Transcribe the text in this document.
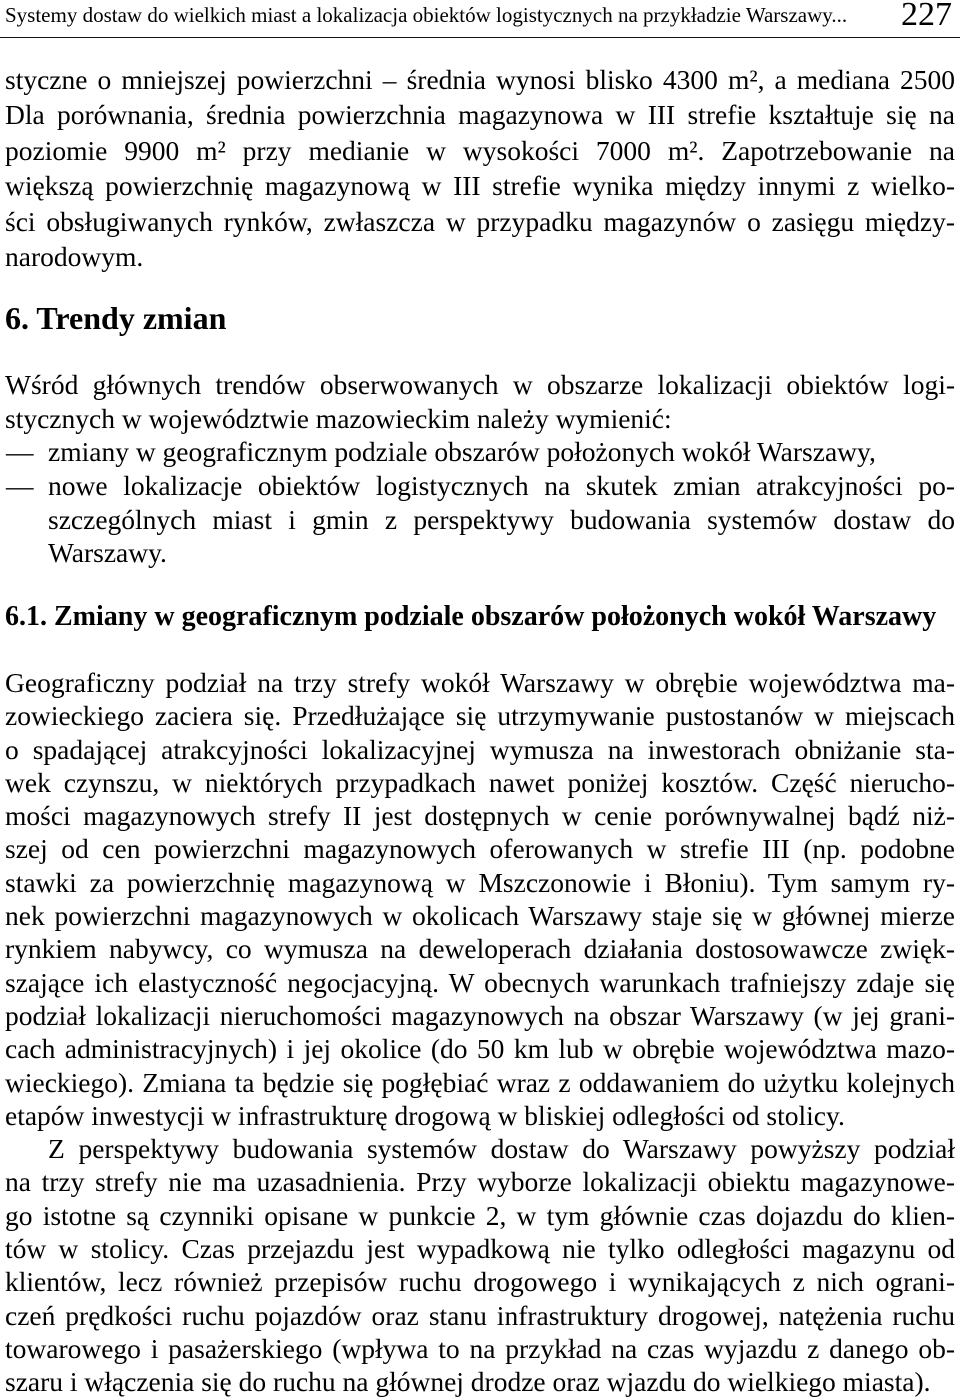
Systemy dostaw do wielkich miast a lokalizacja obiektów logistycznych na przykładzie Warszawy... 227
styczne o mniejszej powierzchni – średnia wynosi blisko 4300 m², a mediana 2500
Dla porównania, średnia powierzchnia magazynowa w III strefie kształtuje się na
poziomie 9900 m² przy medianie w wysokości 7000 m². Zapotrzebowanie na
większą powierzchnię magazynową w III strefie wynika między innymi z wielko-
ści obsługiwanych rynków, zwłaszcza w przypadku magazynów o zasięgu między-
narodowym.
6. Trendy zmian
Wśród głównych trendów obserwowanych w obszarze lokalizacji obiektów logi-
stycznych w województwie mazowieckim należy wymienić:
— zmiany w geograficznym podziale obszarów położonych wokół Warszawy,
— nowe lokalizacje obiektów logistycznych na skutek zmian atrakcyjności po-
szczególnych miast i gmin z perspektywy budowania systemów dostaw do
Warszawy.
6.1. Zmiany w geograficznym podziale obszarów położonych wokół Warszawy
Geograficzny podział na trzy strefy wokół Warszawy w obrębie województwa ma-
zowieckiego zaciera się. Przedłużające się utrzymywanie pustostanów w miejscach
o spadającej atrakcyjności lokalizacyjnej wymusza na inwestorach obniżanie sta-
wek czynszu, w niektórych przypadkach nawet poniżej kosztów. Część nierucho-
mości magazynowych strefy II jest dostępnych w cenie porównywalnej bądź niż-
szej od cen powierzchni magazynowych oferowanych w strefie III (np. podobne
stawki za powierzchnię magazynową w Mszczonowie i Błoniu). Tym samym ry-
nek powierzchni magazynowych w okolicach Warszawy staje się w głównej mierze
rynkiem nabywcy, co wymusza na deweloperach działania dostosowawcze zwięk-
szające ich elastyczność negocjacyjną. W obecnych warunkach trafniejszy zdaje się
podział lokalizacji nieruchomości magazynowych na obszar Warszawy (w jej grani-
cach administracyjnych) i jej okolice (do 50 km lub w obrębie województwa mazo-
wieckiego). Zmiana ta będzie się pogłębiać wraz z oddawaniem do użytku kolejnych
etapów inwestycji w infrastrukturę drogową w bliskiej odległości od stolicy.
Z perspektywy budowania systemów dostaw do Warszawy powyższy podział
na trzy strefy nie ma uzasadnienia. Przy wyborze lokalizacji obiektu magazynowe-
go istotne są czynniki opisane w punkcie 2, w tym głównie czas dojazdu do klien-
tów w stolicy. Czas przejazdu jest wypadkową nie tylko odległości magazynu od
klientów, lecz również przepisów ruchu drogowego i wynikających z nich ograni-
czeń prędkości ruchu pojazdów oraz stanu infrastruktury drogowej, natężenia ruchu
towarowego i pasażerskiego (wpływa to na przykład na czas wyjazdu z danego ob-
szaru i włączenia się do ruchu na głównej drodze oraz wjazdu do wielkiego miasta).
